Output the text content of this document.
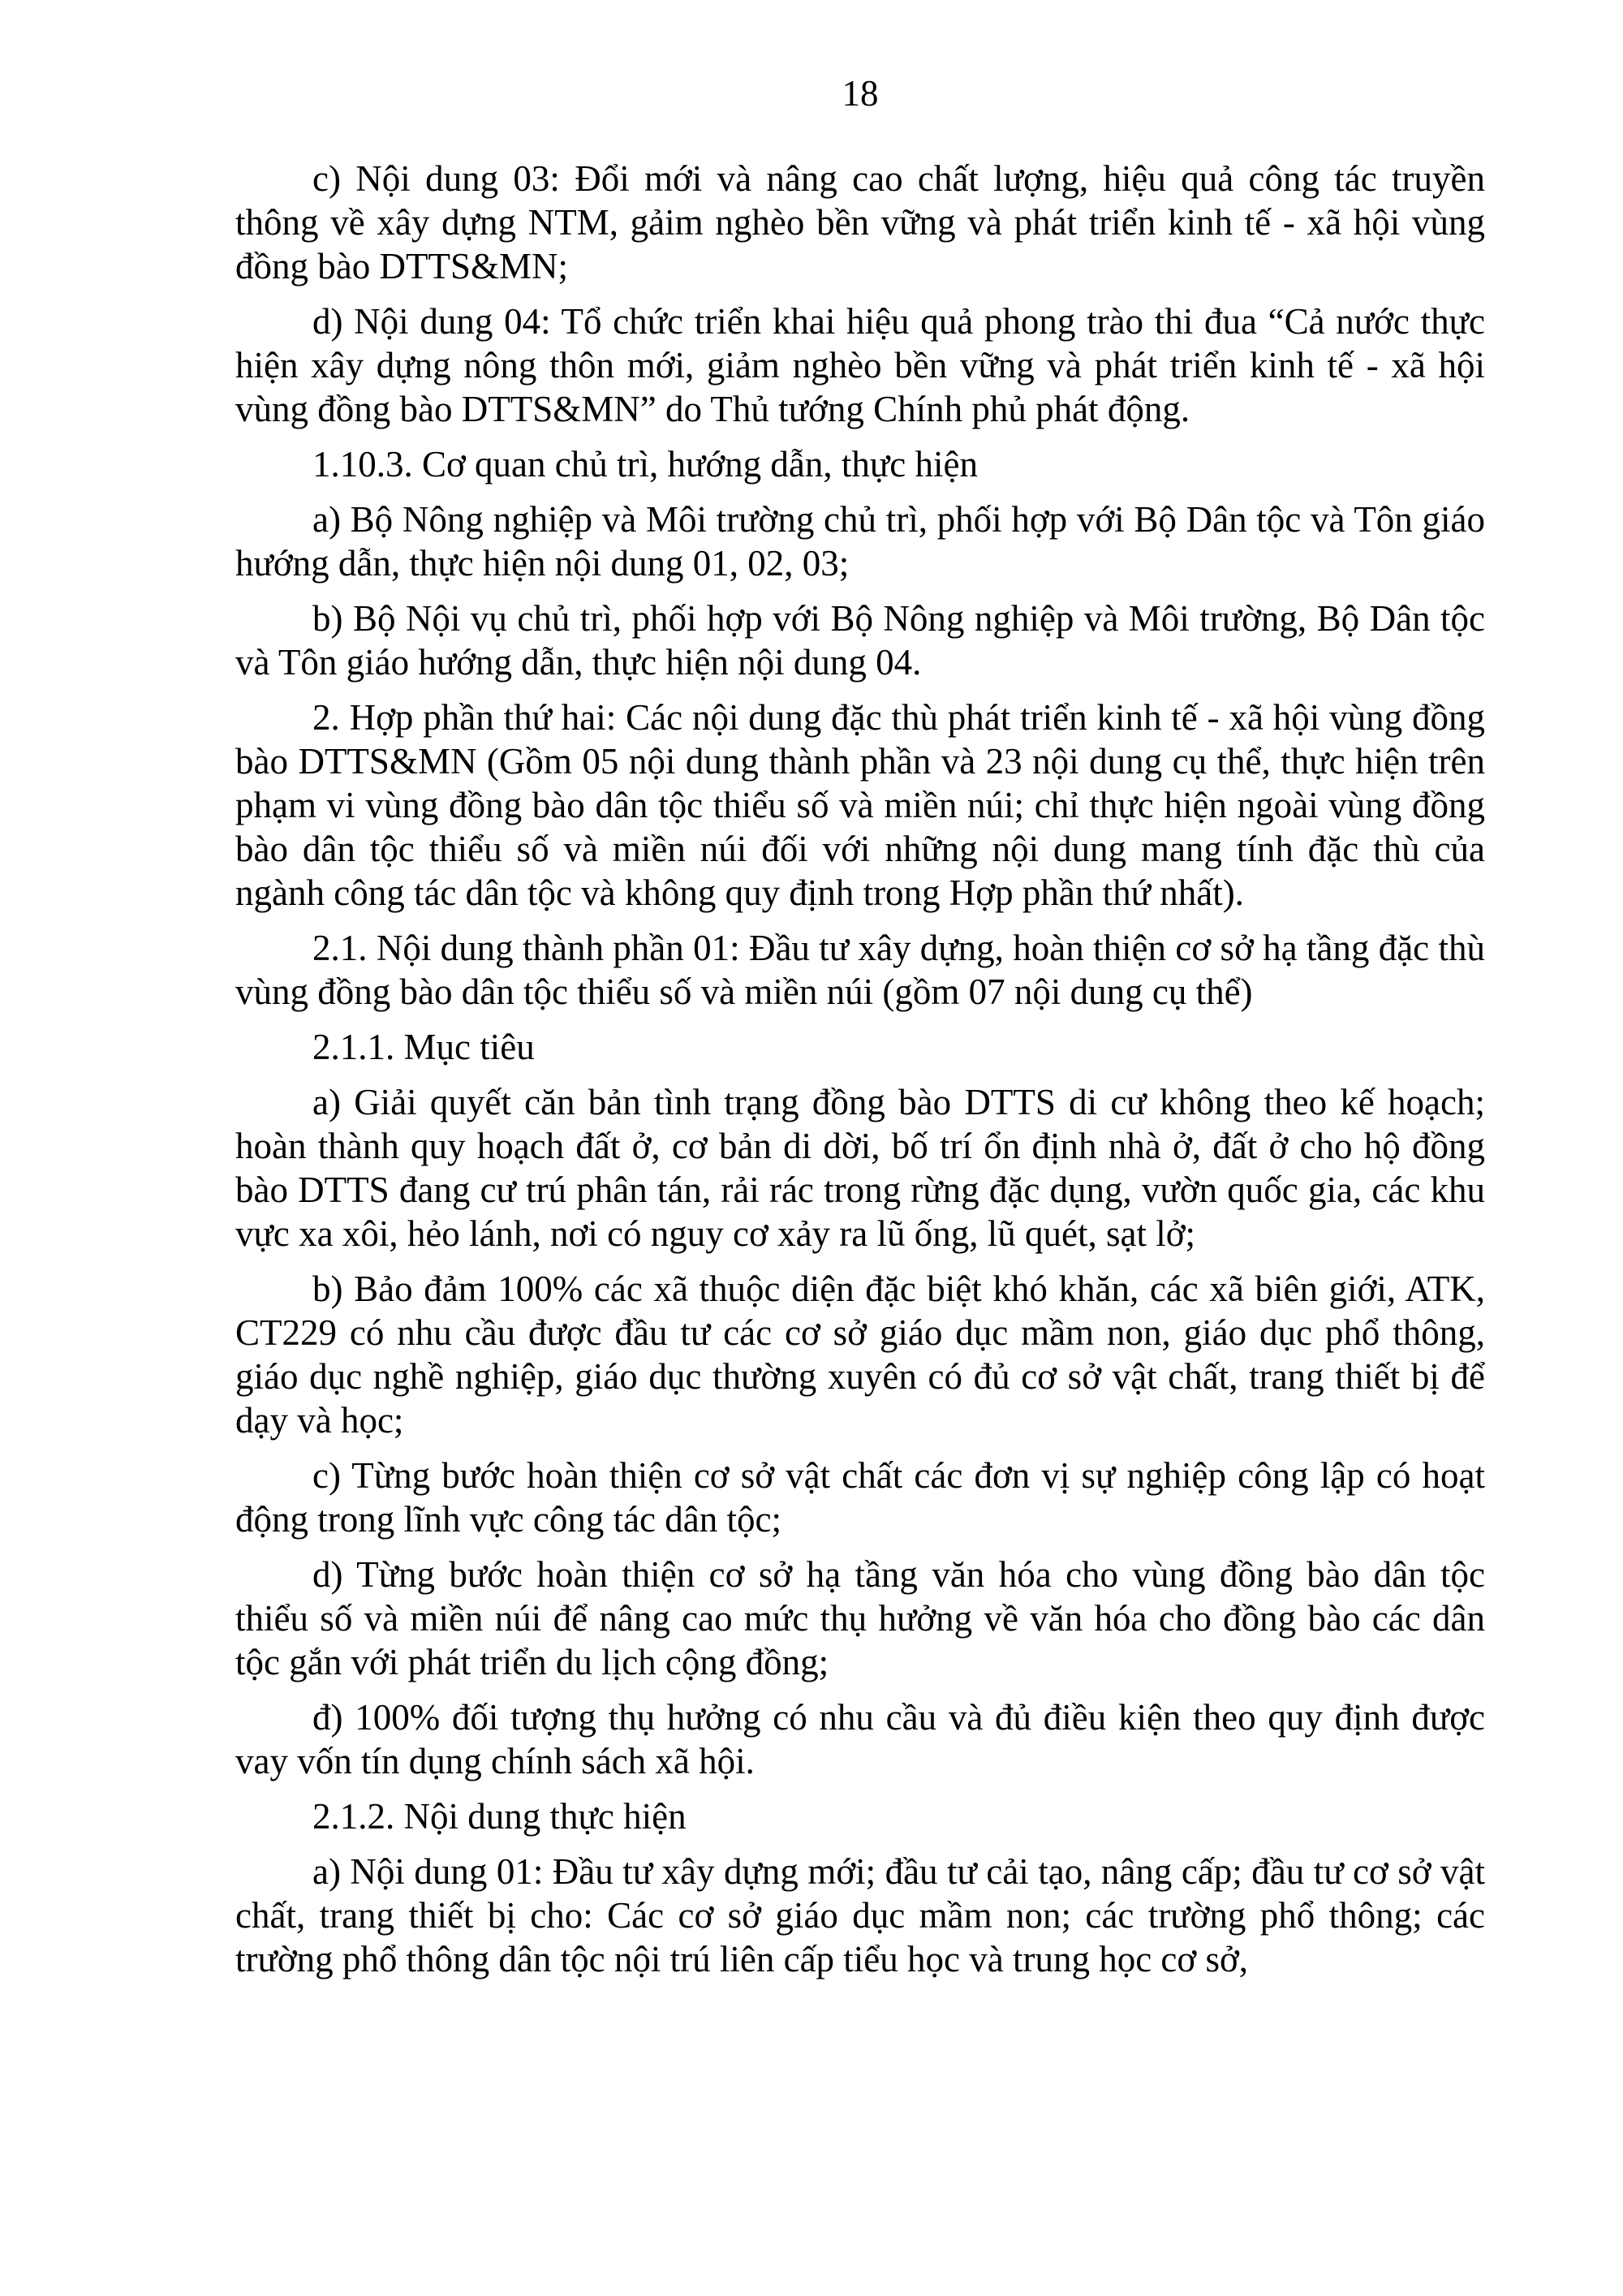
18

c) Nội dung 03: Đổi mới và nâng cao chất lượng, hiệu quả công tác truyền thông về xây dựng NTM, gảim nghèo bền vững và phát triển kinh tế - xã hội vùng đồng bào DTTS&MN;

d) Nội dung 04: Tổ chức triển khai hiệu quả phong trào thi đua “Cả nước thực hiện xây dựng nông thôn mới, giảm nghèo bền vững và phát triển kinh tế - xã hội vùng đồng bào DTTS&MN” do Thủ tướng Chính phủ phát động.

1.10.3. Cơ quan chủ trì, hướng dẫn, thực hiện

a) Bộ Nông nghiệp và Môi trường chủ trì, phối hợp với Bộ Dân tộc và Tôn giáo hướng dẫn, thực hiện nội dung 01, 02, 03;

b) Bộ Nội vụ chủ trì, phối hợp với Bộ Nông nghiệp và Môi trường, Bộ Dân tộc và Tôn giáo hướng dẫn, thực hiện nội dung 04.

2. Hợp phần thứ hai: Các nội dung đặc thù phát triển kinh tế - xã hội vùng đồng bào DTTS&MN (Gồm 05 nội dung thành phần và 23 nội dung cụ thể, thực hiện trên phạm vi vùng đồng bào dân tộc thiểu số và miền núi; chỉ thực hiện ngoài vùng đồng bào dân tộc thiểu số và miền núi đối với những nội dung mang tính đặc thù của ngành công tác dân tộc và không quy định trong Hợp phần thứ nhất).

2.1. Nội dung thành phần 01: Đầu tư xây dựng, hoàn thiện cơ sở hạ tầng đặc thù vùng đồng bào dân tộc thiểu số và miền núi (gồm 07 nội dung cụ thể)

2.1.1. Mục tiêu

a) Giải quyết căn bản tình trạng đồng bào DTTS di cư không theo kế hoạch; hoàn thành quy hoạch đất ở, cơ bản di dời, bố trí ổn định nhà ở, đất ở cho hộ đồng bào DTTS đang cư trú phân tán, rải rác trong rừng đặc dụng, vườn quốc gia, các khu vực xa xôi, hẻo lánh, nơi có nguy cơ xảy ra lũ ống, lũ quét, sạt lở;

b) Bảo đảm 100% các xã thuộc diện đặc biệt khó khăn, các xã biên giới, ATK, CT229 có nhu cầu được đầu tư các cơ sở giáo dục mầm non, giáo dục phổ thông, giáo dục nghề nghiệp, giáo dục thường xuyên có đủ cơ sở vật chất, trang thiết bị để dạy và học;

c) Từng bước hoàn thiện cơ sở vật chất các đơn vị sự nghiệp công lập có hoạt động trong lĩnh vực công tác dân tộc;

d) Từng bước hoàn thiện cơ sở hạ tầng văn hóa cho vùng đồng bào dân tộc thiểu số và miền núi để nâng cao mức thụ hưởng về văn hóa cho đồng bào các dân tộc gắn với phát triển du lịch cộng đồng;

đ) 100% đối tượng thụ hưởng có nhu cầu và đủ điều kiện theo quy định được vay vốn tín dụng chính sách xã hội.

2.1.2. Nội dung thực hiện

a) Nội dung 01: Đầu tư xây dựng mới; đầu tư cải tạo, nâng cấp; đầu tư cơ sở vật chất, trang thiết bị cho: Các cơ sở giáo dục mầm non; các trường phổ thông; các trường phổ thông dân tộc nội trú liên cấp tiểu học và trung học cơ sở,
